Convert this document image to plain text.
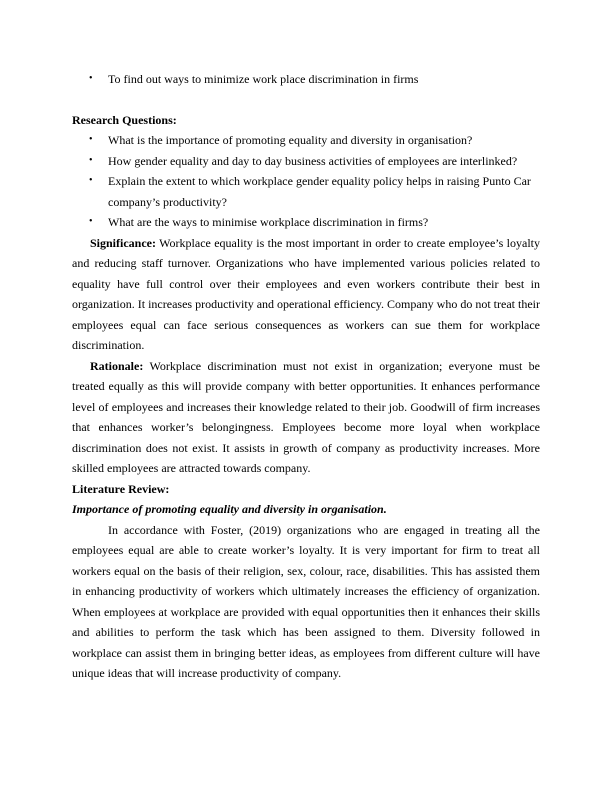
• To find out ways to minimize work place discrimination in firms

Research Questions:

• What is the importance of promoting equality and diversity in organisation?
• How gender equality and day to day business activities of employees are interlinked?
• Explain the extent to which workplace gender equality policy helps in raising Punto Car company’s productivity?
• What are the ways to minimise workplace discrimination in firms?

Significance: Workplace equality is the most important in order to create employee’s loyalty and reducing staff turnover. Organizations who have implemented various policies related to equality have full control over their employees and even workers contribute their best in organization. It increases productivity and operational efficiency. Company who do not treat their employees equal can face serious consequences as workers can sue them for workplace discrimination.

Rationale: Workplace discrimination must not exist in organization; everyone must be treated equally as this will provide company with better opportunities. It enhances performance level of employees and increases their knowledge related to their job. Goodwill of firm increases that enhances worker’s belongingness. Employees become more loyal when workplace discrimination does not exist. It assists in growth of company as productivity increases. More skilled employees are attracted towards company.

Literature Review:

Importance of promoting equality and diversity in organisation.

In accordance with Foster, (2019) organizations who are engaged in treating all the employees equal are able to create worker’s loyalty. It is very important for firm to treat all workers equal on the basis of their religion, sex, colour, race, disabilities. This has assisted them in enhancing productivity of workers which ultimately increases the efficiency of organization. When employees at workplace are provided with equal opportunities then it enhances their skills and abilities to perform the task which has been assigned to them. Diversity followed in workplace can assist them in bringing better ideas, as employees from different culture will have unique ideas that will increase productivity of company.
